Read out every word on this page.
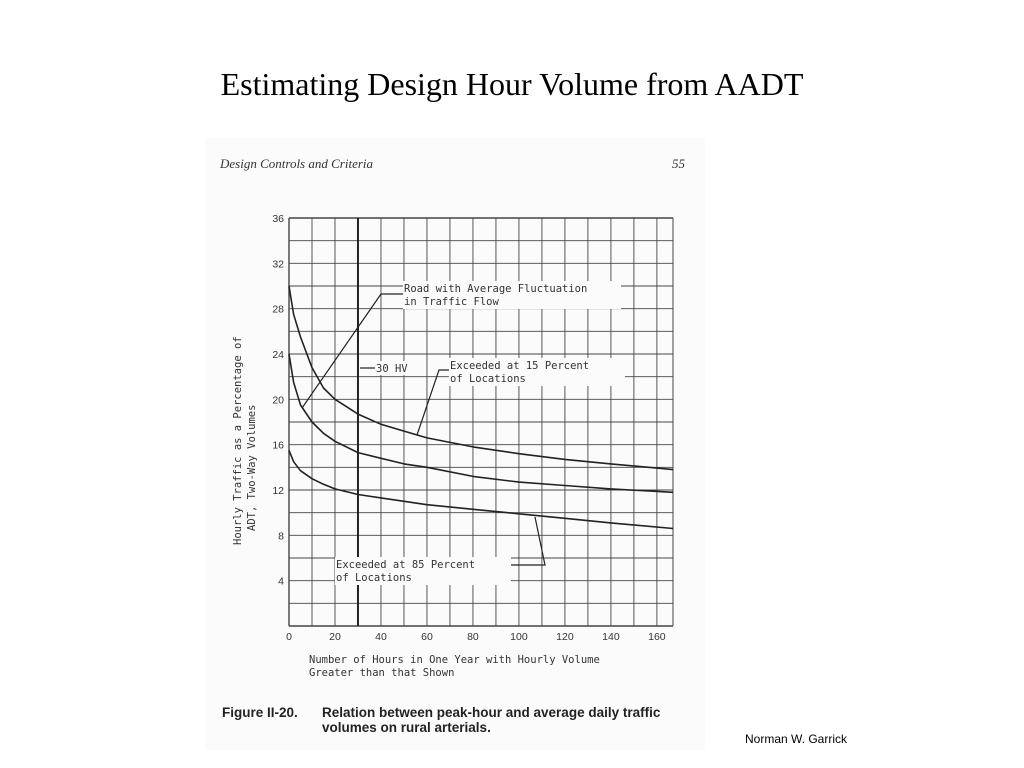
Estimating Design Hour Volume from AADT
Design Controls and Criteria	55
0	20	40	60	80	100	120	140	160
4
8
12
16
20
24
28
32
36
Road with Average Fluctuation
in Traffic Flow
30 HV	Exceeded at 15 Percent
of Locations
Exceeded at 85 Percent
of Locations
Hourly Traffic as a Percentage of ADT, Two-Way Volumes
Number of Hours in One Year with Hourly Volume
Greater than that Shown
Figure II-20.	Relation between peak-hour and average daily traffic volumes on rural arterials.
Norman W. Garrick
